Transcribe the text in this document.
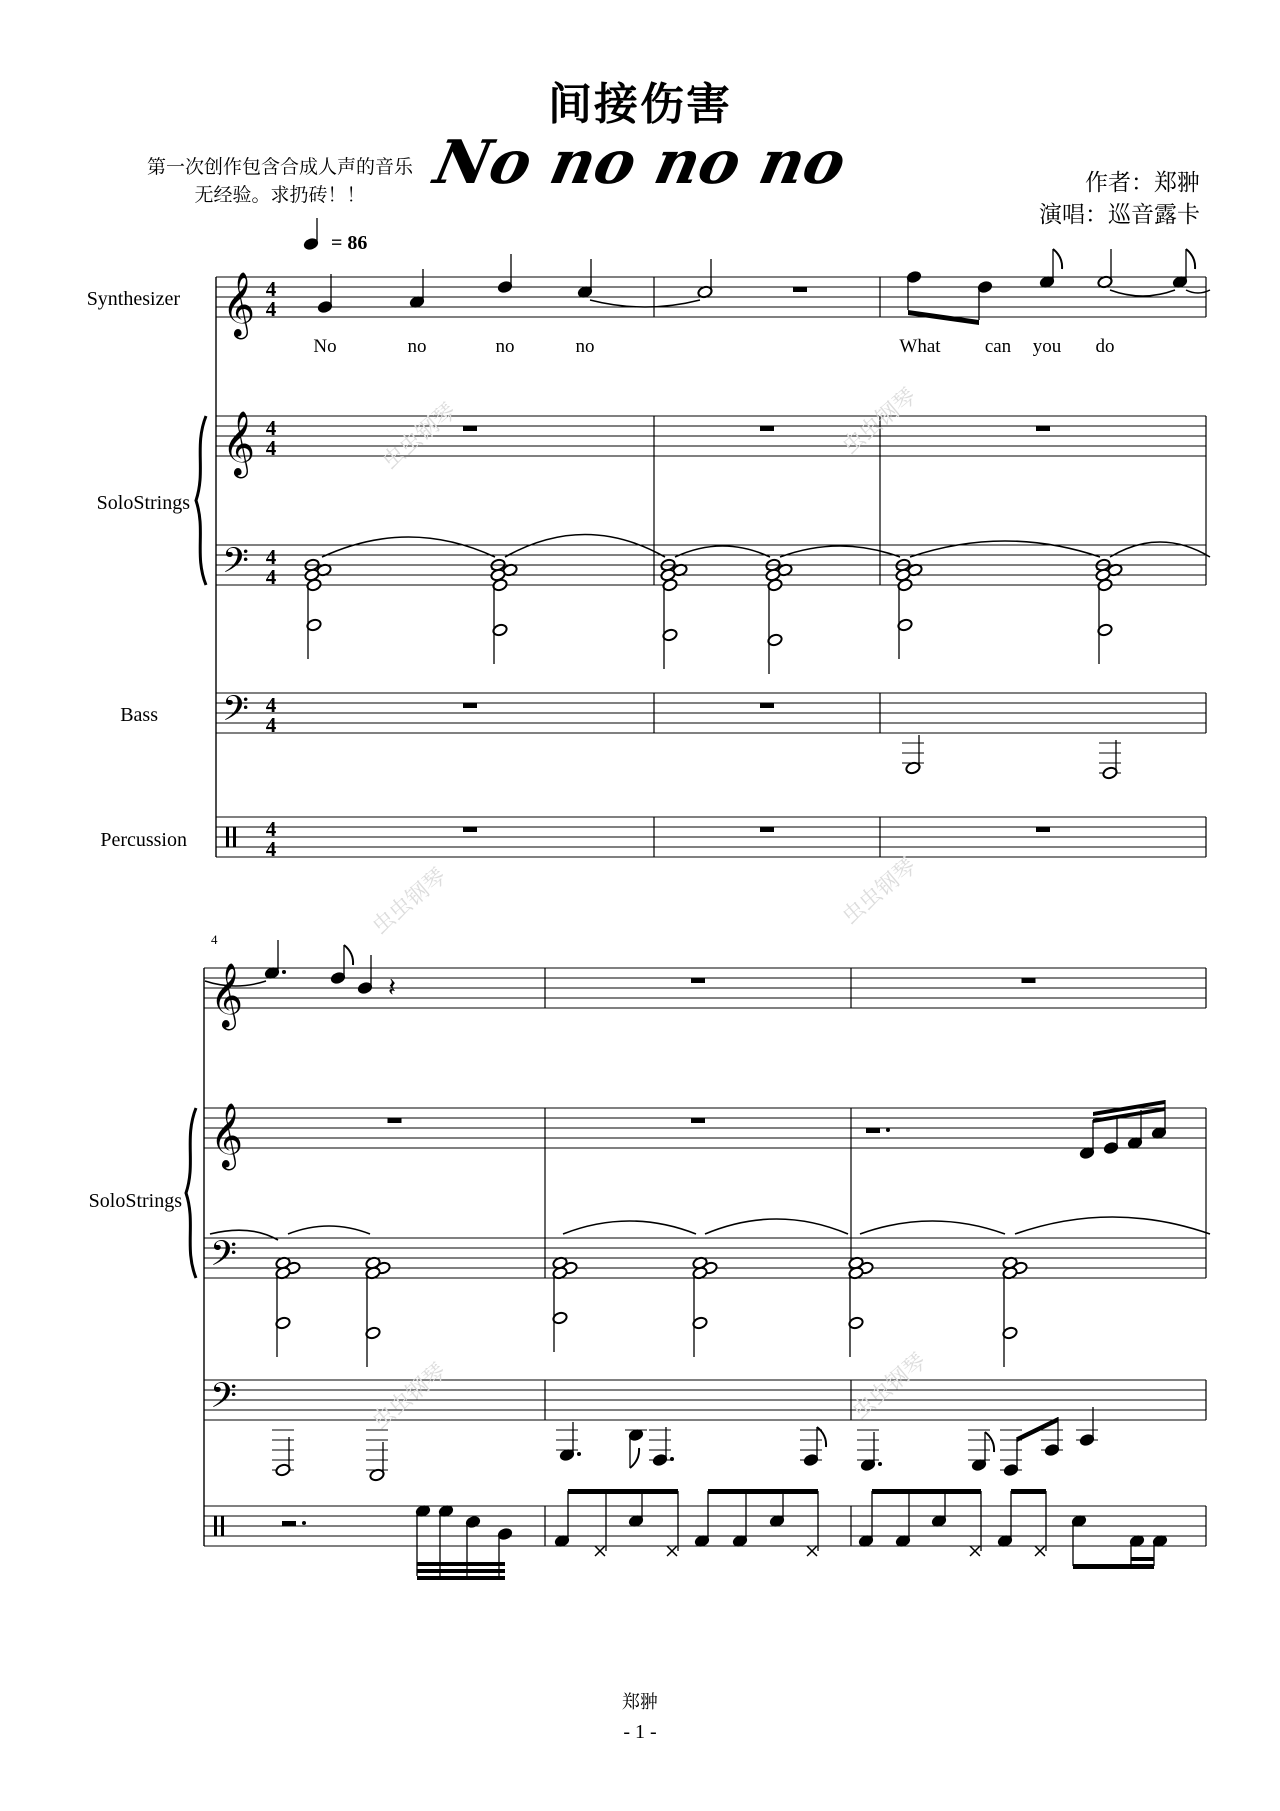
间接伤害
No no no no
第一次创作包含合成人声的音乐
无经验。求扔砖！！	作者：郑翀
演唱：巡音露卡
= 86
Synthesizer
SoloStrings
Bass
Percussion
𝄞 4
4
𝄞 4
4
𝄢 4
4
𝄢 4
4
4
4
No	no	no	no	What can you do
4
SoloStrings
𝄞
𝄞
𝄢
𝄢
𝄽
虫虫钢琴	虫虫钢琴
虫虫钢琴	虫虫钢琴
虫虫钢琴	虫虫钢琴
郑翀
- 1 -
